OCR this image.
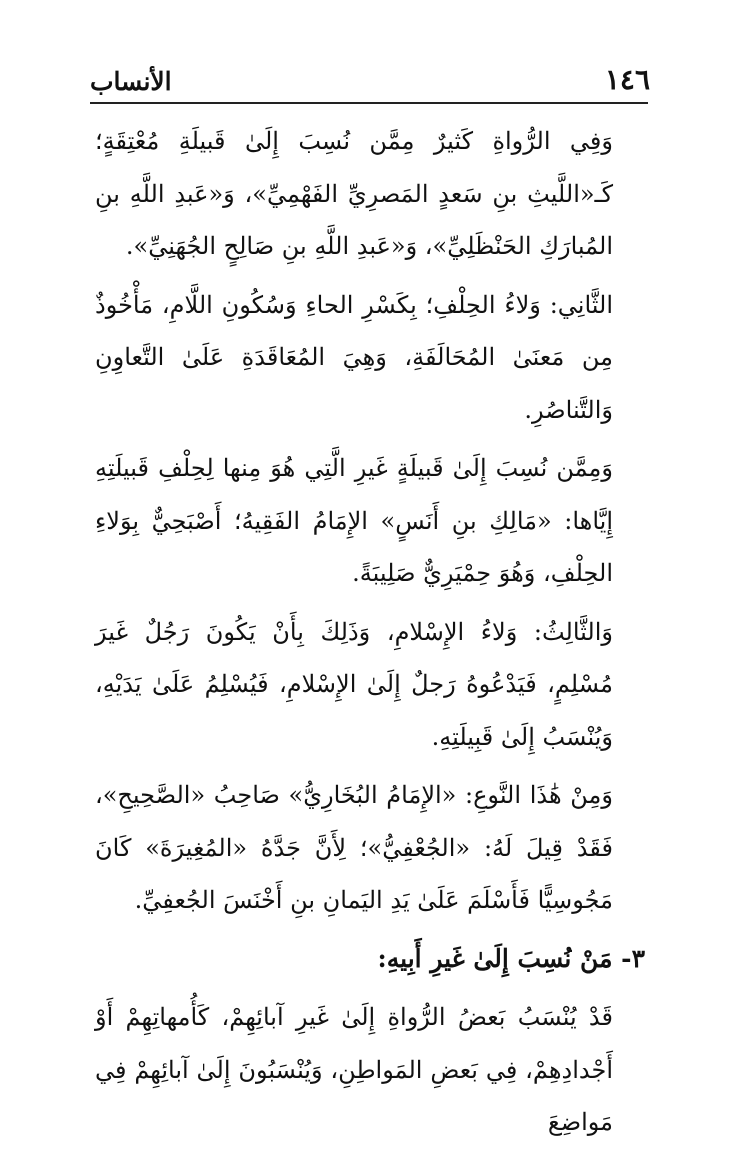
١٤٦
الأنساب

وَفِي الرُّواةِ كَثيرٌ مِمَّن نُسِبَ إِلَىٰ قَبيلَةِ مُعْتِقَةٍ؛ كَـ«اللَّيثِ بنِ سَعدٍ المَصرِيِّ الفَهْمِيِّ»، وَ«عَبدِ اللَّهِ بنِ المُبارَكِ الحَنْظَلِيِّ»، وَ«عَبدِ اللَّهِ بنِ صَالِحٍ الجُهَنِيِّ».

الثَّانِي: وَلاءُ الحِلْفِ؛ بِكَسْرِ الحاءِ وَسُكُونِ اللَّامِ، مَأْخُوذٌ مِن مَعنَىٰ المُحَالَفَةِ، وَهِيَ المُعَاقَدَةِ عَلَىٰ التَّعاوِنِ وَالتَّناصُرِ.

وَمِمَّن نُسِبَ إِلَىٰ قَبيلَةٍ غَيرِ الَّتِي هُوَ مِنها لِحِلْفِ قَبيلَتِهِ إِيَّاها: «مَالِكِ بنِ أَنَسٍ» الإِمَامُ الفَقِيهُ؛ أَصْبَحِيٌّ بِوَلاءِ الحِلْفِ، وَهُوَ حِمْيَرِيٌّ صَلِيبَةً.

وَالثَّالِثُ: وَلاءُ الإِسْلامِ، وَذَلِكَ بِأَنْ يَكُونَ رَجُلٌ غَيرَ مُسْلِمٍ، فَيَدْعُوهُ رَجلٌ إِلَىٰ الإِسْلامِ، فَيُسْلِمُ عَلَىٰ يَدَيْهِ، وَيُنْسَبُ إِلَىٰ قَبِيلَتِهِ.

وَمِنْ هَٰذَا النَّوعِ: «الإِمَامُ البُخَارِيُّ» صَاحِبُ «الصَّحِيحِ»، فَقَدْ قِيلَ لَهُ: «الجُعْفِيُّ»؛ لِأَنَّ جَدَّهُ «المُغِيرَةَ» كَانَ مَجُوسِيًّا فَأَسْلَمَ عَلَىٰ يَدِ اليَمانِ بنِ أَخْنَسَ الجُعفِيِّ.

٣- مَنْ نُسِبَ إِلَىٰ غَيرِ أَبِيهِ:

قَدْ يُنْسَبُ بَعضُ الرُّواةِ إِلَىٰ غَيرِ آبائِهِمْ، كَأُمهاتِهِمْ أَوْ أَجْدادِهِمْ، فِي بَعضِ المَواطِنِ، وَيُنْسَبُونَ إِلَىٰ آبائِهِمْ فِي مَواضِعَ
